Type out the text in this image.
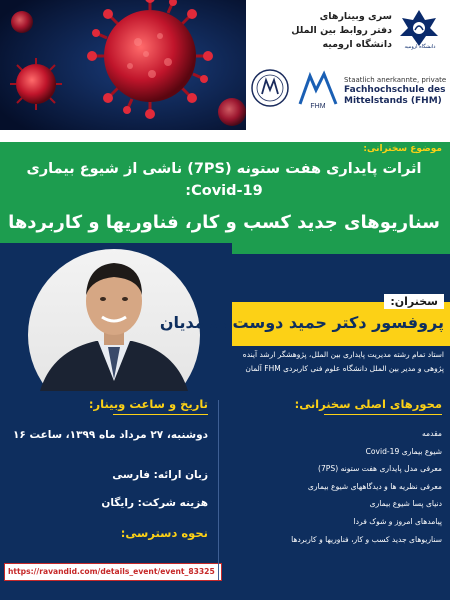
سری وبینارهای
دفتر روابط بین الملل
دانشگاه ارومیه	دانشگاه ارومیه
FHM
Staatlich anerkannte, private
Fachhochschule des
Mittelstands (FHM)
موضوع سخنرانی:
اثرات پایداری هفت ستونه (7PS) ناشی از شیوع بیماری Covid-19:
سناریوهای جدید کسب و کار، فناوریها و کاربردها
سخنران:
پروفسور دکتر حمید دوست محمدیان
استاد تمام رشته مدیریت پایداری بین الملل، پژوهشگر ارشد آینده
پژوهی و مدیر بین الملل دانشگاه علوم فنی کاربردی FHM آلمان
تاریخ و ساعت وبینار:
دوشنبه، ۲۷ مرداد ماه ۱۳۹۹، ساعت ۱۶
زبان ارائه: فارسی
هزینه شرکت: رایگان
نحوه دسترسی:
https://ravandid.com/details_event/event_83325
محورهای اصلی سخنرانی:
مقدمه
شیوع بیماری Covid-19
معرفی مدل پایداری هفت ستونه (7PS)
معرفی نظریه ها و دیدگاههای شیوع بیماری
دنیای پسا شیوع بیماری
پیامدهای امروز و شوک فردا
سناریوهای جدید کسب و کار، فناوریها و کاربردها
